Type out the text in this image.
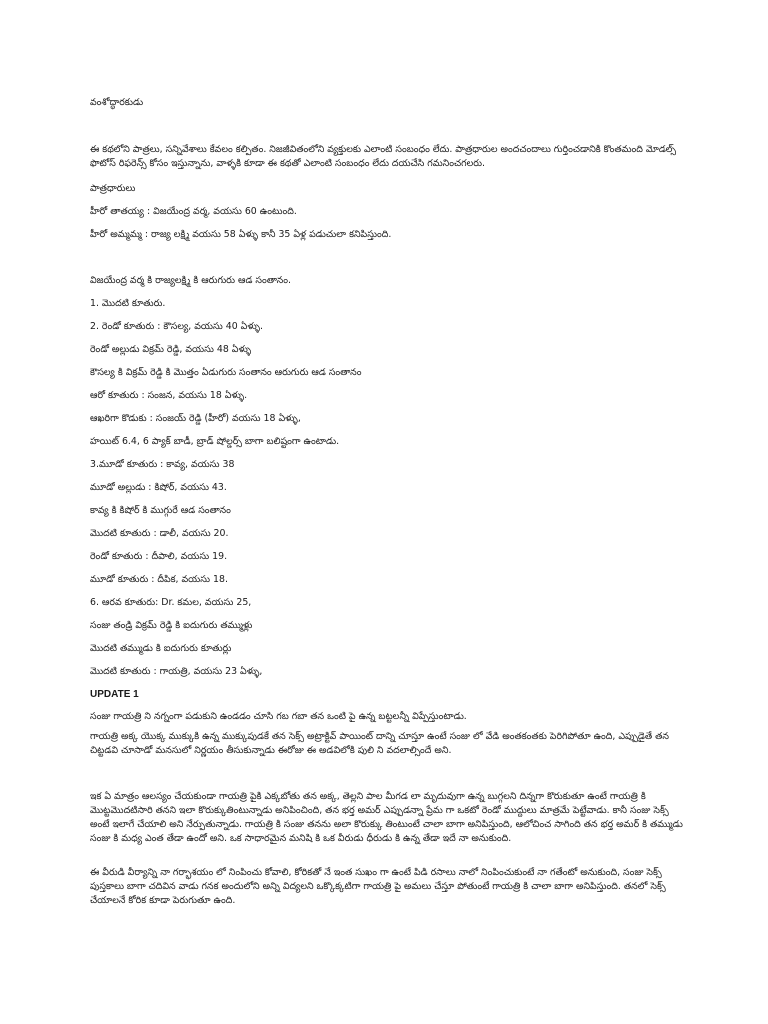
వంశోద్ధారకుడు

ఈ కథలోని పాత్రలు, సన్నివేశాలు కేవలం కల్పితం. నిజజీవితంలోని వ్యక్తులకు ఎలాంటి సంబంధం లేదు. పాత్రధారుల అందచందాలు గుర్తించడానికి కొంతమంది మోడల్స్ ఫొటోస్ రిఫరెన్స్ కోసం ఇస్తున్నాను, వాళ్ళకి కూడా ఈ కథతో ఎలాంటి సంబంధం లేదు దయచేసి గమనించగలరు.

పాత్రధారులు

హీరో తాతయ్య : విజయేంద్ర వర్మ, వయసు 60 ఉంటుంది.

హీరో అమ్మమ్మ : రాజ్య లక్ష్మి వయసు 58 ఏళ్ళు కానీ 35 ఏళ్ల పడుచులా కనిపిస్తుంది.

విజయేంద్ర వర్మ కి రాజ్యలక్ష్మి కి ఆరుగురు ఆడ సంతానం.

1. మొదటి కూతురు.

2. రెండో కూతురు : కౌసల్య, వయసు 40 ఏళ్ళు.

రెండో అల్లుడు విక్రమ్ రెడ్డి, వయసు 48 ఏళ్ళు

కౌసల్య కి విక్రమ్ రెడ్డి కి మొత్తం ఏడుగురు సంతానం ఆరుగురు ఆడ సంతానం

ఆరో కూతురు : సంజన, వయసు 18 ఏళ్ళు.

ఆఖరిగా కొడుకు : సంజయ్ రెడ్డి (హీరో) వయసు 18 ఏళ్ళు,

హయిట్ 6.4, 6 ప్యాక్ బాడీ, బ్రాడ్ షోల్డర్స్ బాగా బలిష్టంగా ఉంటాడు.

3.మూడో కూతురు : కావ్య, వయసు 38

మూడో అల్లుడు : కిషోర్, వయసు 43.

కావ్య కి కిషోర్ కి ముగ్గురే ఆడ సంతానం

మొదటి కూతురు : డాలీ, వయసు 20.

రెండో కూతురు : దీపాలి, వయసు 19.

మూడో కూతురు : దీపిక, వయసు 18.

6. ఆరవ కూతురు: Dr. కమల, వయసు 25,

సంజు తండ్రి విక్రమ్ రెడ్డి కి ఐదుగురు తమ్ముళ్లు

మొదటి తమ్ముడు కి ఐదుగురు కూతుర్లు

మొదటి కూతురు : గాయత్రి, వయసు 23 ఏళ్ళు,

UPDATE 1

సంజు గాయత్రి ని నగ్నంగా పడుకుని ఉండడం చూసి గబ గబా తన ఒంటి పై ఉన్న బట్టలన్నీ విప్పేస్తుంటాడు.

గాయత్రి అక్క యొక్క ముక్కుకి ఉన్న ముక్కుపుడకే తన సెక్స్ అట్రాక్టివ్ పాయింట్ దాన్ని చూస్తూ ఉంటే సంజు లో వేడి అంతకంతకు పెరిగిపోతూ ఉంది, ఎప్పుడైతే తన చిట్టడవి చూసాడో మనసులో నిర్ణయం తీసుకున్నాడు ఈరోజు ఈ అడవిలోకి పులి ని వదలాల్సిందే అని.

ఇక ఏ మాత్రం ఆలస్యం చేయకుండా గాయత్రి పైకి ఎక్కబోతు తన అక్క, తెల్లని పాల మీగడ లా మృదువుగా ఉన్న బుగ్గలని దిన్నగా కొరుకుతూ ఉంటే గాయత్రి కి మొట్టమొదటిసారి తనని ఇలా కొరుక్కుతింటున్నాడు అనిపించింది, తన భర్త అమర్ ఎప్పుడన్నా ప్రేమ గా ఒకటో రెండో ముద్దులు మాత్రమే పెట్టేవాడు. కానీ సంజు సెక్స్ అంటే ఇలాగే చేయాలి అని నేర్పుతున్నాడు. గాయత్రి కి సంజు తనను అలా కొరుక్కు తింటుంటే చాలా బాగా అనిపిస్తుంది, ఆలోచించ సాగింది తన భర్త అమర్ కి తమ్ముడు సంజు కి మధ్య ఎంత తేడా ఉందో అని. ఒక సాధారమైన మనిషి కి ఒక వీరుడు ధీరుడు కి ఉన్న తేడా ఇదే నా అనుకుంది.

ఈ వీరుడి వీర్యాన్ని నా గర్భాశయం లో నింపించు కోవాలి, కోరికతో నే ఇంత సుఖం గా ఉంటే పిడి రసాలు నాలో నింపించుకుంటే నా గతేంటో అనుకుంది, సంజు సెక్స్ పుస్తకాలు బాగా చదివిన వాడు గనక అందులోని అన్ని విద్యలని ఒక్కొక్కటిగా గాయత్రి పై అమలు చేస్తూ పోతుంటే గాయత్రి కి చాలా బాగా అనిపిస్తుంది. తనలో సెక్స్ చేయాలనే కోరిక కూడా పెరుగుతూ ఉంది.
